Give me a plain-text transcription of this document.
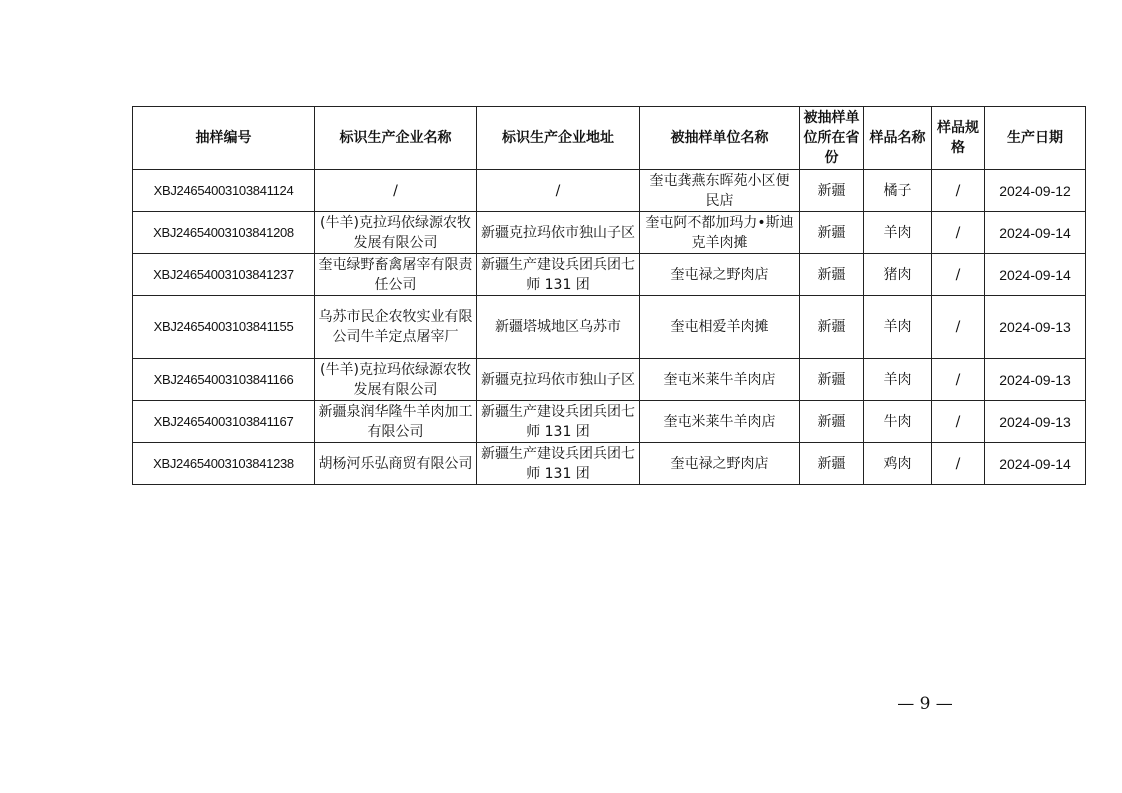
抽样编号	标识生产企业名称	标识生产企业地址	被抽样单位名称	被抽样单位所在省份	样品名称	样品规格	生产日期
XBJ24654003103841124	/	/	奎屯龚燕东晖苑小区便民店	新疆	橘子	/	2024-09-12
XBJ24654003103841208	(牛羊)克拉玛依绿源农牧发展有限公司	新疆克拉玛依市独山子区	奎屯阿不都加玛力•斯迪克羊肉摊	新疆	羊肉	/	2024-09-14
XBJ24654003103841237	奎屯绿野畜禽屠宰有限责任公司	新疆生产建设兵团兵团七师 131 团	奎屯禄之野肉店	新疆	猪肉	/	2024-09-14
XBJ24654003103841155	乌苏市民企农牧实业有限公司牛羊定点屠宰厂	新疆塔城地区乌苏市	奎屯相爱羊肉摊	新疆	羊肉	/	2024-09-13
XBJ24654003103841166	(牛羊)克拉玛依绿源农牧发展有限公司	新疆克拉玛依市独山子区	奎屯米莱牛羊肉店	新疆	羊肉	/	2024-09-13
XBJ24654003103841167	新疆泉润华隆牛羊肉加工有限公司	新疆生产建设兵团兵团七师 131 团	奎屯米莱牛羊肉店	新疆	牛肉	/	2024-09-13
XBJ24654003103841238	胡杨河乐弘商贸有限公司	新疆生产建设兵团兵团七师 131 团	奎屯禄之野肉店	新疆	鸡肉	/	2024-09-14
— 9 —
